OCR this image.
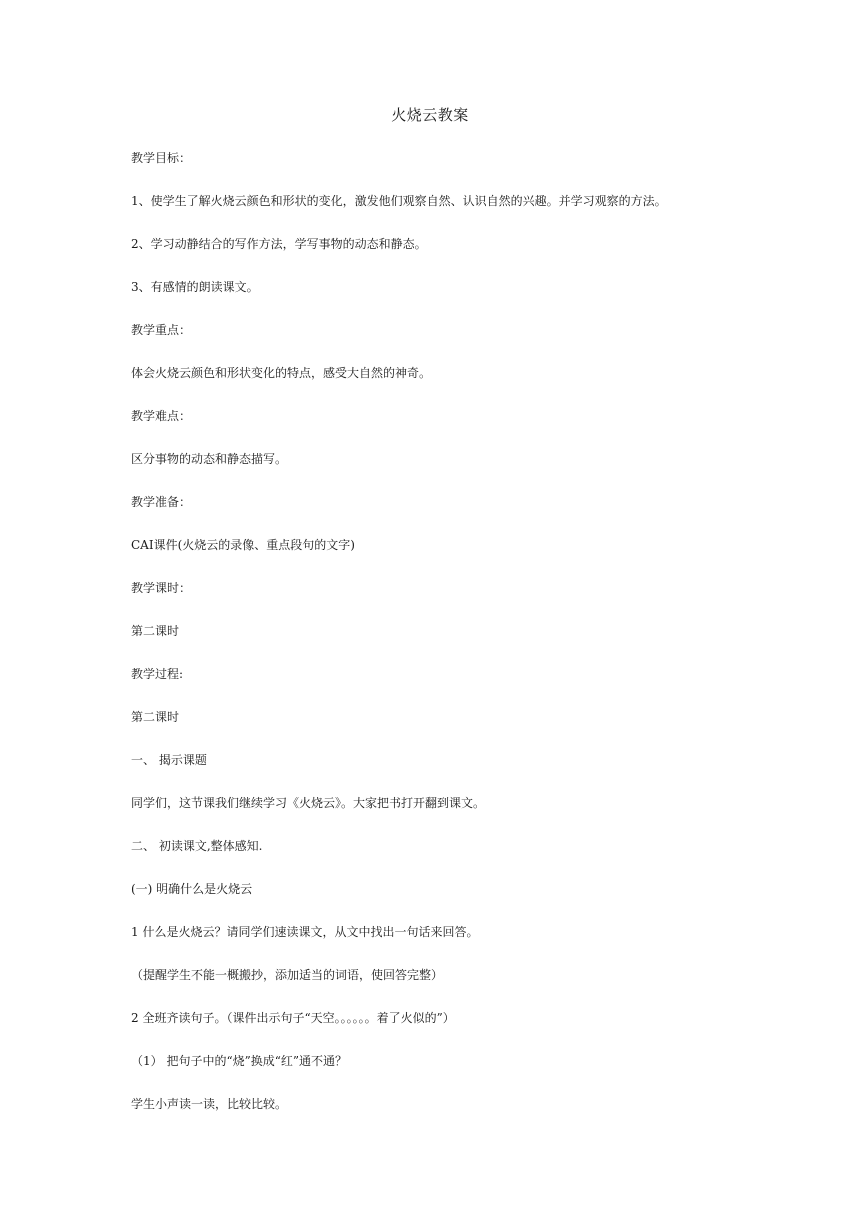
火烧云教案
教学目标：
1、使学生了解火烧云颜色和形状的变化，激发他们观察自然、认识自然的兴趣。并学习观察的方法。
2、学习动静结合的写作方法，学写事物的动态和静态。
3、有感情的朗读课文。
教学重点：
体会火烧云颜色和形状变化的特点，感受大自然的神奇。
教学难点：
区分事物的动态和静态描写。
教学准备：
CAI课件(火烧云的录像、重点段句的文字)
教学课时：
第二课时
教学过程:
第二课时
一、 揭示课题
同学们，这节课我们继续学习《火烧云》。大家把书打开翻到课文。
二、 初读课文,整体感知.
(一) 明确什么是火烧云
1 什么是火烧云？请同学们速读课文，从文中找出一句话来回答。
（提醒学生不能一概搬抄，添加适当的词语，使回答完整）
2 全班齐读句子。（课件出示句子“天空。。。。。。着了火似的”）
（1） 把句子中的“烧”换成“红”通不通？
学生小声读一读，比较比较。
